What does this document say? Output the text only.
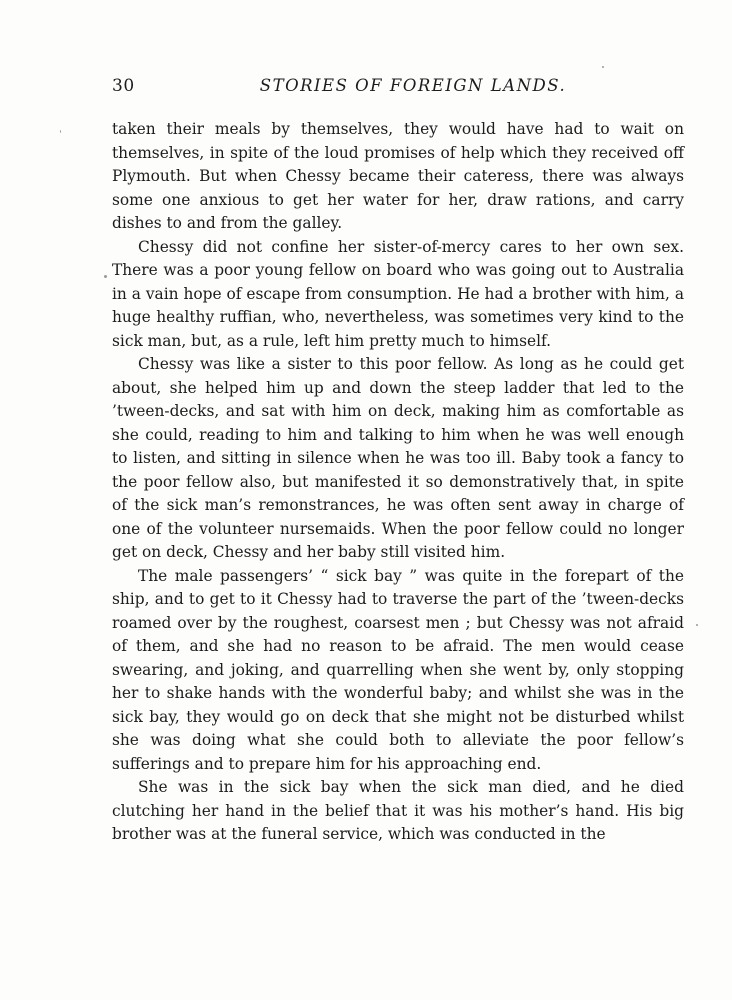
30	STORIES OF FOREIGN LANDS.

taken their meals by themselves, they would have had to wait on themselves, in spite of the loud promises of help which they received off Plymouth. But when Chessy became their cateress, there was always some one anxious to get her water for her, draw rations, and carry dishes to and from the galley.

Chessy did not confine her sister-of-mercy cares to her own sex. There was a poor young fellow on board who was going out to Australia in a vain hope of escape from consumption. He had a brother with him, a huge healthy ruffian, who, nevertheless, was sometimes very kind to the sick man, but, as a rule, left him pretty much to himself.

Chessy was like a sister to this poor fellow. As long as he could get about, she helped him up and down the steep ladder that led to the ’tween-decks, and sat with him on deck, making him as comfortable as she could, reading to him and talking to him when he was well enough to listen, and sitting in silence when he was too ill. Baby took a fancy to the poor fellow also, but manifested it so demonstratively that, in spite of the sick man’s remonstrances, he was often sent away in charge of one of the volunteer nursemaids. When the poor fellow could no longer get on deck, Chessy and her baby still visited him.

The male passengers’ “ sick bay ” was quite in the forepart of the ship, and to get to it Chessy had to traverse the part of the ’tween-decks roamed over by the roughest, coarsest men ; but Chessy was not afraid of them, and she had no reason to be afraid. The men would cease swearing, and joking, and quarrelling when she went by, only stopping her to shake hands with the wonderful baby; and whilst she was in the sick bay, they would go on deck that she might not be disturbed whilst she was doing what she could both to alleviate the poor fellow’s sufferings and to prepare him for his approaching end.

She was in the sick bay when the sick man died, and he died clutching her hand in the belief that it was his mother’s hand. His big brother was at the funeral service, which was conducted in the
